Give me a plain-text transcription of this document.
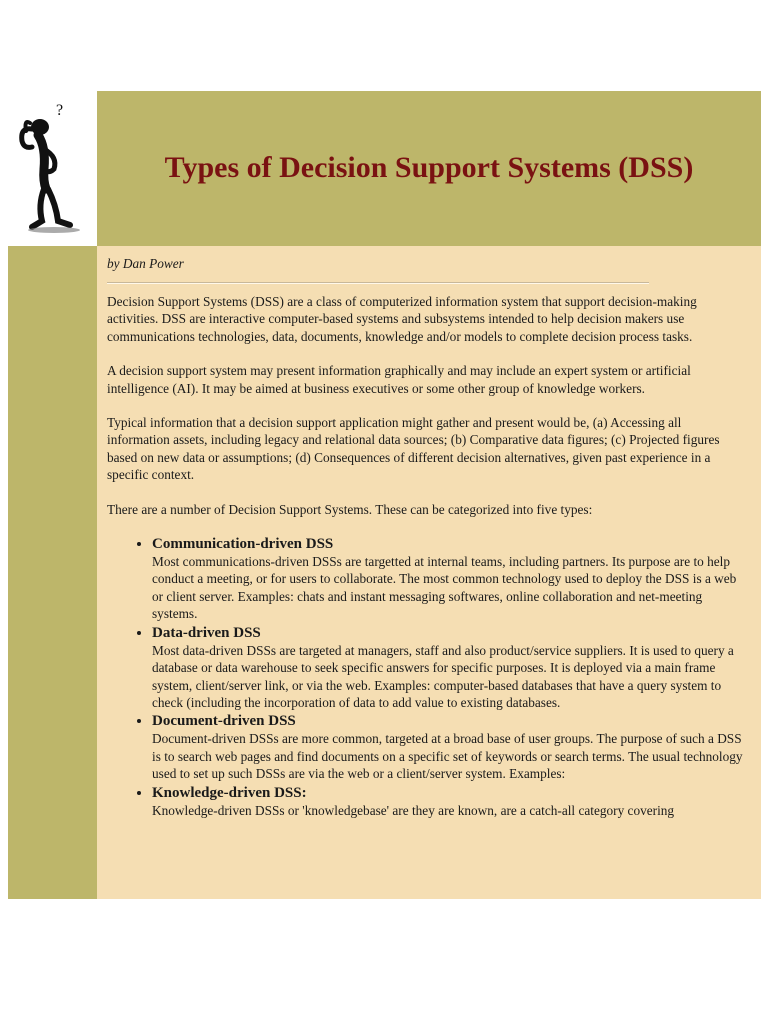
?
Types of Decision Support Systems (DSS)

by Dan Power

Decision Support Systems (DSS) are a class of computerized information system that support decision-making activities. DSS are interactive computer-based systems and subsystems intended to help decision makers use communications technologies, data, documents, knowledge and/or models to complete decision process tasks.

A decision support system may present information graphically and may include an expert system or artificial intelligence (AI). It may be aimed at business executives or some other group of knowledge workers.

Typical information that a decision support application might gather and present would be, (a) Accessing all information assets, including legacy and relational data sources; (b) Comparative data figures; (c) Projected figures based on new data or assumptions; (d) Consequences of different decision alternatives, given past experience in a specific context.

There are a number of Decision Support Systems. These can be categorized into five types:

• Communication-driven DSS
Most communications-driven DSSs are targetted at internal teams, including partners. Its purpose are to help conduct a meeting, or for users to collaborate. The most common technology used to deploy the DSS is a web or client server. Examples: chats and instant messaging softwares, online collaboration and net-meeting systems.
• Data-driven DSS
Most data-driven DSSs are targeted at managers, staff and also product/service suppliers. It is used to query a database or data warehouse to seek specific answers for specific purposes. It is deployed via a main frame system, client/server link, or via the web. Examples: computer-based databases that have a query system to check (including the incorporation of data to add value to existing databases.
• Document-driven DSS
Document-driven DSSs are more common, targeted at a broad base of user groups. The purpose of such a DSS is to search web pages and find documents on a specific set of keywords or search terms. The usual technology used to set up such DSSs are via the web or a client/server system. Examples:
• Knowledge-driven DSS:
Knowledge-driven DSSs or 'knowledgebase' are they are known, are a catch-all category covering
